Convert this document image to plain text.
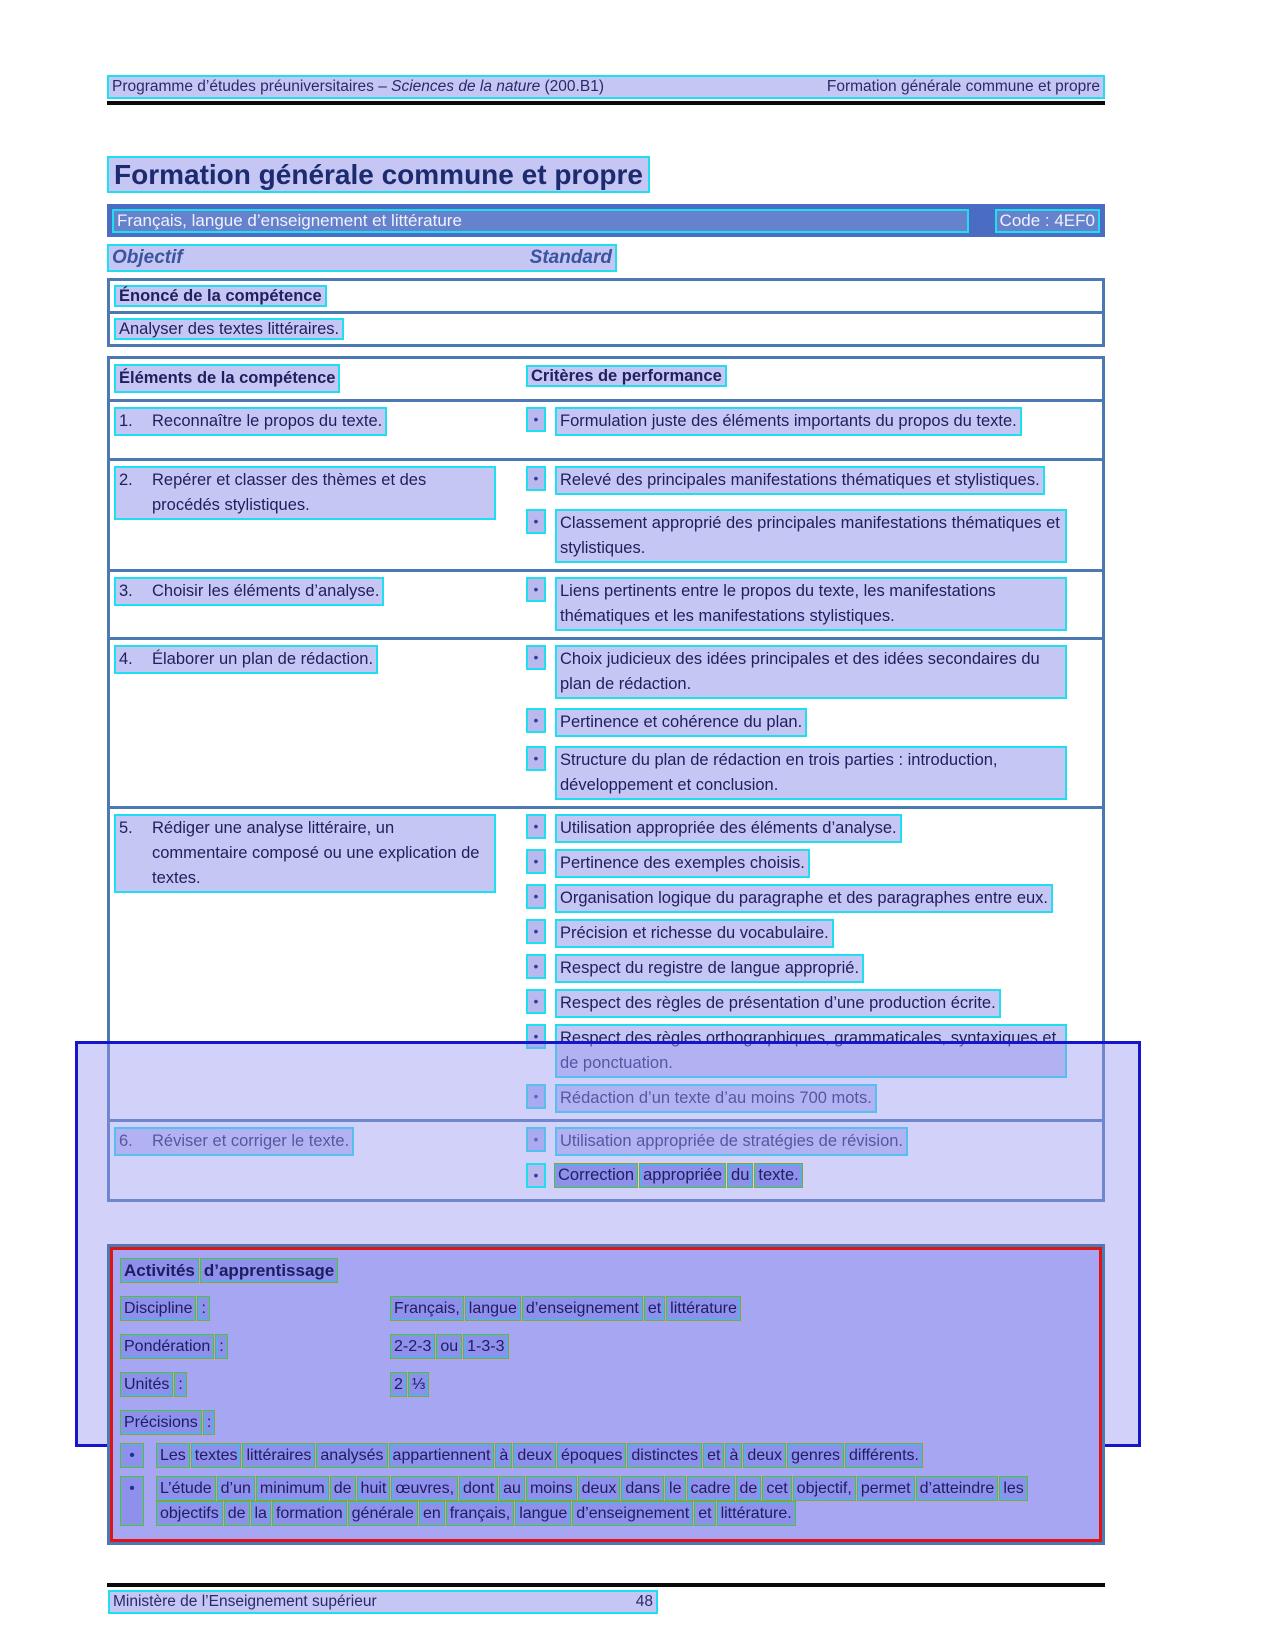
Programme d’études préuniversitaires – Sciences de la nature (200.B1)	Formation générale commune et propre
Formation générale commune et propre
Français, langue d’enseignement et littérature	Code : 4EF0
Objectif	Standard
Énoncé de la compétence
Analyser des textes littéraires.
Éléments de la compétence	Critères de performance
1.	Reconnaître le propos du texte.	•	Formulation juste des éléments importants du propos du texte.
2.	Repérer et classer des thèmes et des procédés stylistiques.
•	Relevé des principales manifestations thématiques et stylistiques.
•	Classement approprié des principales manifestations thématiques et stylistiques.
3.	Choisir les éléments d’analyse.	•	Liens pertinents entre le propos du texte, les manifestations thématiques et les manifestations stylistiques.
4.	Élaborer un plan de rédaction.	•	Choix judicieux des idées principales et des idées secondaires du plan de rédaction.
•	Pertinence et cohérence du plan.
•	Structure du plan de rédaction en trois parties : introduction, développement et conclusion.
5.	Rédiger une analyse littéraire, un commentaire composé ou une explication de textes.
•	Utilisation appropriée des éléments d’analyse.
•	Pertinence des exemples choisis.
•	Organisation logique du paragraphe et des paragraphes entre eux.
•	Précision et richesse du vocabulaire.
•	Respect du registre de langue approprié.
•	Respect des règles de présentation d’une production écrite.
•	Respect des règles orthographiques, grammaticales, syntaxiques et de ponctuation.
•	Rédaction d’un texte d’au moins 700 mots.
6.	Réviser et corriger le texte.	•	Utilisation appropriée de stratégies de révision.
•	Correction appropriée du texte.
Activités d’apprentissage
Discipline :	Français, langue d’enseignement et littérature
Pondération :	2-2-3 ou 1-3-3
Unités :	2 ⅓
Précisions :
•	Les textes littéraires analysés appartiennent à deux époques distinctes et à deux genres différents.
•	L’étude d’un minimum de huit œuvres, dont au moins deux dans le cadre de cet objectif, permet d’atteindre lesobjectifs de la formation générale en français, langue d’enseignement et littérature.
Ministère de l’Enseignement supérieur	48
